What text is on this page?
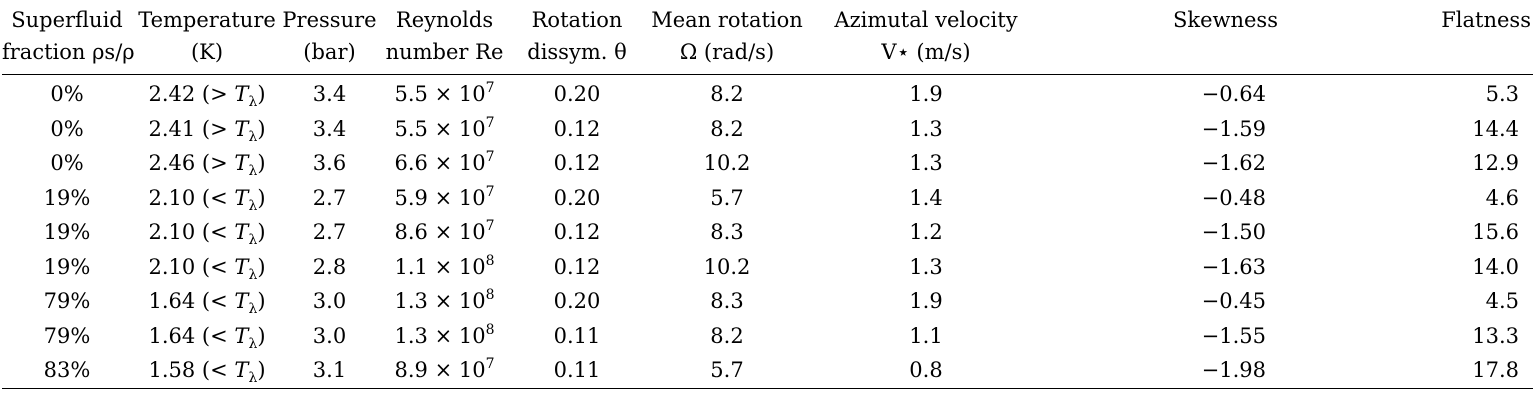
Superfluid	Temperature	Pressure	Reynolds	Rotation	Mean rotation	Azimutal velocity	Skewness	Flatness
fraction ρs/ρ	(K)	(bar)	number Re	dissym. θ	Ω (rad/s)	V⋆ (m/s)		
0%	2.42 (> $T_\lambda$)	3.4	$5.5 \times 10^7$	0.20	8.2	1.9	−0.64	5.3
0%	2.41 (> $T_\lambda$)	3.4	$5.5 \times 10^7$	0.12	8.2	1.3	−1.59	14.4
0%	2.46 (> $T_\lambda$)	3.6	$6.6 \times 10^7$	0.12	10.2	1.3	−1.62	12.9
19%	2.10 (< $T_\lambda$)	2.7	$5.9 \times 10^7$	0.20	5.7	1.4	−0.48	4.6
19%	2.10 (< $T_\lambda$)	2.7	$8.6 \times 10^7$	0.12	8.3	1.2	−1.50	15.6
19%	2.10 (< $T_\lambda$)	2.8	$1.1 \times 10^8$	0.12	10.2	1.3	−1.63	14.0
79%	1.64 (< $T_\lambda$)	3.0	$1.3 \times 10^8$	0.20	8.3	1.9	−0.45	4.5
79%	1.64 (< $T_\lambda$)	3.0	$1.3 \times 10^8$	0.11	8.2	1.1	−1.55	13.3
83%	1.58 (< $T_\lambda$)	3.1	$8.9 \times 10^7$	0.11	5.7	0.8	−1.98	17.8
